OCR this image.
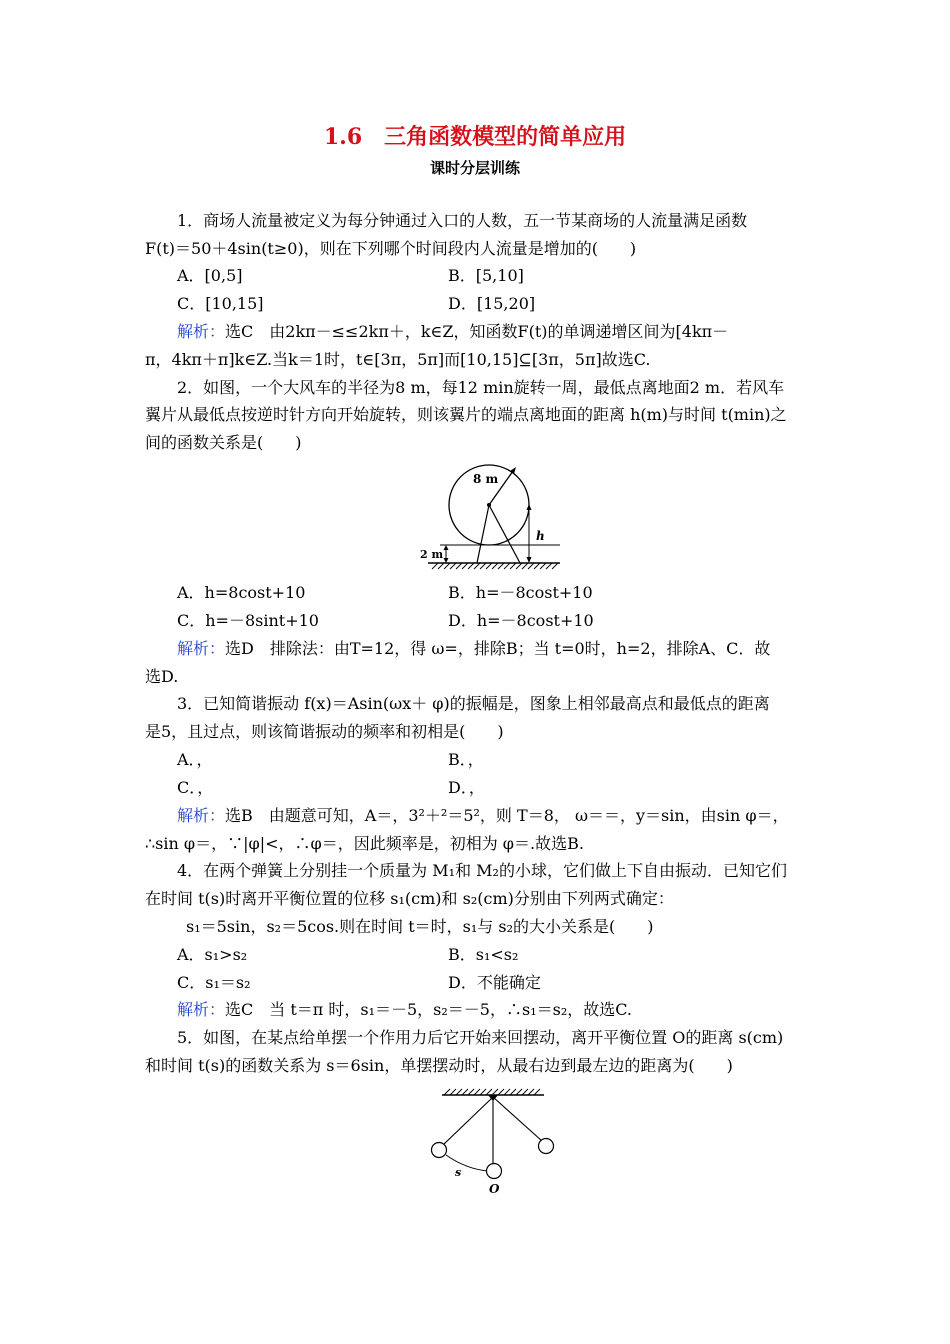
1.6　三角函数模型的简单应用
课时分层训练
1．商场人流量被定义为每分钟通过入口的人数，五一节某商场的人流量满足函数
F(t)＝50＋4sin(t≥0)，则在下列哪个时间段内人流量是增加的(　　)
A．[0,5]	B．[5,10]
C．[10,15]	D．[15,20]
解析：选C　由2kπ－≤≤2kπ＋，k∈Z，知函数F(t)的单调递增区间为[4kπ－
π，4kπ＋π]k∈Z.当k＝1时，t∈[3π，5π]而[10,15]⊆[3π，5π]故选C.
2．如图，一个大风车的半径为8 m，每12 min旋转一周，最低点离地面2 m．若风车
翼片从最低点按逆时针方向开始旋转，则该翼片的端点离地面的距离 h(m)与时间 t(min)之
间的函数关系是(　　)
8 m
h
2 m
A．h=8cost+10	B．h=－8cost+10
C．h=－8sint+10	D．h=－8cost+10
解析：选D　排除法：由T=12，得 ω=，排除B；当 t=0时，h=2，排除A、C．故
选D.
3．已知简谐振动 f(x)＝Asin(ωx＋ φ)的振幅是，图象上相邻最高点和最低点的距离
是5，且过点，则该简谐振动的频率和初相是(　　)
A．，	B．，
C．，	D．，
解析：选B　由题意可知，A＝，3²＋²＝5²，则 T＝8， ω＝＝，y＝sin，由sin φ＝，
∴sin φ＝，∵|φ|<，∴φ＝，因此频率是，初相为 φ＝.故选B.
4．在两个弹簧上分别挂一个质量为 M₁和 M₂的小球，它们做上下自由振动．已知它们
在时间 t(s)时离开平衡位置的位移 s₁(cm)和 s₂(cm)分别由下列两式确定：
s₁＝5sin，s₂＝5cos.则在时间 t＝时，s₁与 s₂的大小关系是(　　)
A．s₁>s₂	B．s₁<s₂
C．s₁＝s₂	D．不能确定
解析：选C　当 t＝π 时，s₁＝－5，s₂＝－5，∴s₁＝s₂，故选C.
5．如图，在某点给单摆一个作用力后它开始来回摆动，离开平衡位置 O的距离 s(cm)
和时间 t(s)的函数关系为 s＝6sin，单摆摆动时，从最右边到最左边的距离为(　　)
s
O
